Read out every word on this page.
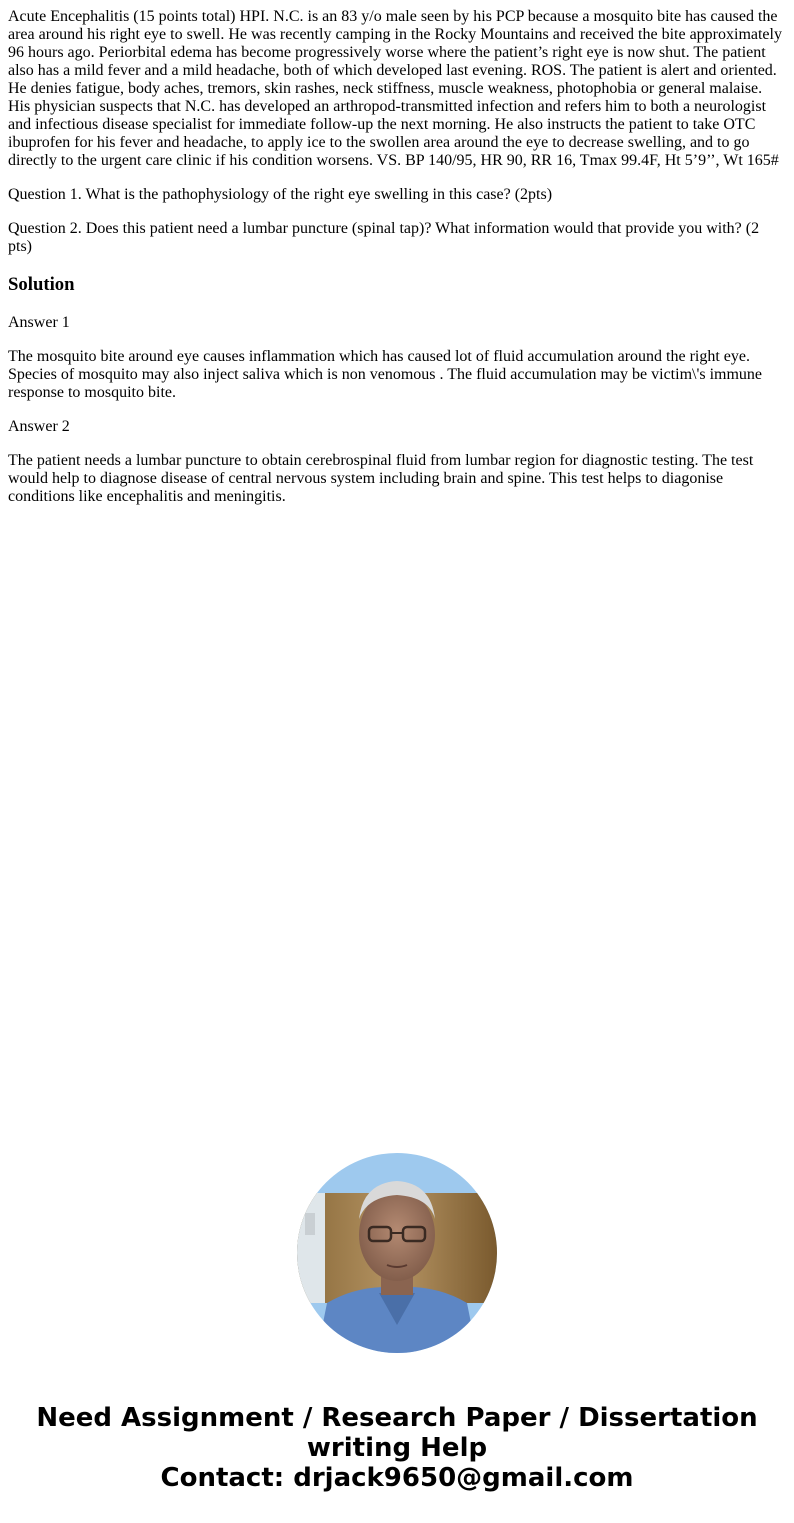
Acute Encephalitis (15 points total) HPI. N.C. is an 83 y/o male seen by his PCP because a mosquito bite has caused the area around his right eye to swell. He was recently camping in the Rocky Mountains and received the bite approximately 96 hours ago. Periorbital edema has become progressively worse where the patient’s right eye is now shut. The patient also has a mild fever and a mild headache, both of which developed last evening. ROS. The patient is alert and oriented. He denies fatigue, body aches, tremors, skin rashes, neck stiffness, muscle weakness, photophobia or general malaise. His physician suspects that N.C. has developed an arthropod-transmitted infection and refers him to both a neurologist and infectious disease specialist for immediate follow-up the next morning. He also instructs the patient to take OTC ibuprofen for his fever and headache, to apply ice to the swollen area around the eye to decrease swelling, and to go directly to the urgent care clinic if his condition worsens. VS. BP 140/95, HR 90, RR 16, Tmax 99.4F, Ht 5’9’’, Wt 165#

Question 1. What is the pathophysiology of the right eye swelling in this case? (2pts)

Question 2. Does this patient need a lumbar puncture (spinal tap)? What information would that provide you with? (2 pts)

Solution

Answer 1

The mosquito bite around eye causes inflammation which has caused lot of fluid accumulation around the right eye. Species of mosquito may also inject saliva which is non venomous . The fluid accumulation may be victim\'s immune response to mosquito bite.

Answer 2

The patient needs a lumbar puncture to obtain cerebrospinal fluid from lumbar region for diagnostic testing. The test would help to diagnose disease of central nervous system including brain and spine. This test helps to diagonise conditions like encephalitis and meningitis.

Need Assignment / Research Paper / Dissertation
writing Help
Contact: drjack9650@gmail.com
